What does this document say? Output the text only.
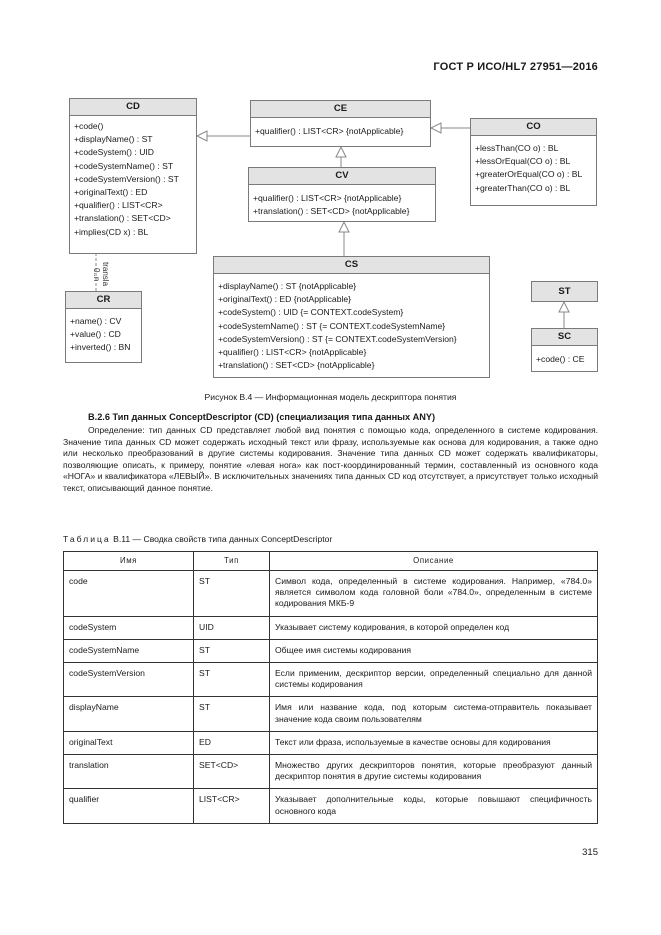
ГОСТ Р ИСО/HL7 27951—2016
CD
+code()
+displayName() : ST
+codeSystem() : UID
+codeSystemName() : ST
+codeSystemVersion() : ST
+originalText() : ED
+qualifier() : LIST<CR>
+translation() : SET<CD>
+implies(CD x) : BL
CE
+qualifier() : LIST<CR> {notApplicable}	CO
+lessThan(CO o) : BL
+lessOrEqual(CO o) : BL
+greaterOrEqual(CO o) : BL
+greaterThan(CO o) : BL
CV
+qualifier() : LIST<CR> {notApplicable}
+translation() : SET<CD> {notApplicable}
CS
+displayName() : ST {notApplicable}
+originalText() : ED {notApplicable}
+codeSystem() : UID {= CONTEXT.codeSystem}
+codeSystemName() : ST {= CONTEXT.codeSystemName}
+codeSystemVersion() : ST {= CONTEXT.codeSystemVersion}
+qualifier() : LIST<CR> {notApplicable}
+translation() : SET<CD> {notApplicable}
CR
+name() : CV
+value() : CD
+inverted() : BN
ST
SC
+code() : CE
transla
0..n
Рисунок В.4 — Информационная модель дескриптора понятия
В.2.6 Тип данных ConceptDescriptor (CD) (специализация типа данных ANY)
Определение: тип данных CD представляет любой вид понятия с помощью кода, определенного в системе кодирования. Значение типа данных CD может содержать исходный текст или фразу, используемые как основа для кодирования, а также одно или несколько преобразований в другие системы кодирования. Значение типа данных CD может содержать квалификаторы, позволяющие описать, к примеру, понятие «левая нога» как пост-координированный термин, составленный из основного кода «НОГА» и квалификатора «ЛЕВЫЙ». В исключительных значениях типа данных CD код отсутствует, а присутствует только исходный текст, описывающий данное понятие.
Таблица В.11 — Сводка свойств типа данных ConceptDescriptor
Имя	Тип	Описание
code	ST	Символ кода, определенный в системе кодирования. Например, «784.0» является символом кода головной боли «784.0», определенным в системе кодирования МКБ-9
codeSystem	UID	Указывает систему кодирования, в которой определен код
codeSystemName	ST	Общее имя системы кодирования
codeSystemVersion	ST	Если применим, дескриптор версии, определенный специально для данной системы кодирования
displayName	ST	Имя или название кода, под которым система-отправитель показывает значение кода своим пользователям
originalText	ED	Текст или фраза, используемые в качестве основы для кодирования
translation	SET<CD>	Множество других дескрипторов понятия, которые преобразуют данный дескриптор понятия в другие системы кодирования
qualifier	LIST<CR>	Указывает дополнительные коды, которые повышают специфичность основного кода
315
